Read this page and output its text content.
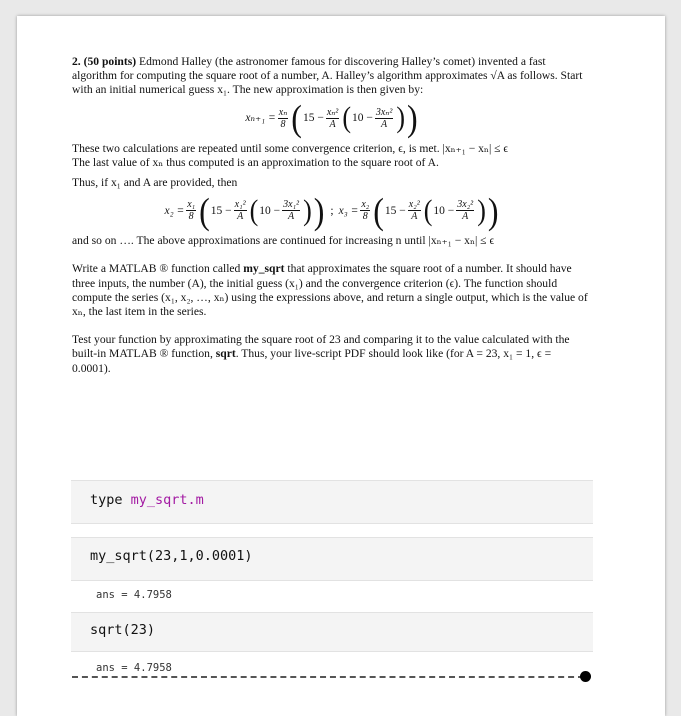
2. (50 points) Edmond Halley (the astronomer famous for discovering Halley’s comet) invented a fast algorithm for computing the square root of a number, A. Halley’s algorithm approximates √A as follows. Start with an initial numerical guess x₁. The new approximation is then given by:

$x_{n+1} = \frac{\text{xₙ}}{8}$ ( $15 - \frac{\text{xₙ²}}{A}$ ( $10 - \frac{\text{3xₙ²}}{A}$ ) )

These two calculations are repeated until some convergence criterion, ϵ, is met. |xₙ₊₁ − xₙ| ≤ ϵ
The last value of xₙ thus computed is an approximation to the square root of A.

Thus, if x₁ and A are provided, then

$x_2 = \frac{\text{x₁}}{8}$ ( $15 - \frac{\text{x₁²}}{A}$ ( $10 - \frac{\text{3x₁²}}{A}$ ) ) ; $x_3 = \frac{\text{x₂}}{8}$ ( $15 - \frac{\text{x₂²}}{A}$ ( $10 - \frac{\text{3x₂²}}{A}$ ) )

and so on …. The above approximations are continued for increasing n until |xₙ₊₁ − xₙ| ≤ ϵ

Write a MATLAB ® function called my_sqrt that approximates the square root of a number. It should have three inputs, the number (A), the initial guess (x₁) and the convergence criterion (ϵ). The function should compute the series (x₁, x₂, …, xₙ) using the expressions above, and return a single output, which is the value of xₙ, the last item in the series.

Test your function by approximating the square root of 23 and comparing it to the value calculated with the built-in MATLAB ® function, sqrt. Thus, your live-script PDF should look like (for A = 23, x₁ = 1, ϵ = 0.0001).

type my_sqrt.m
my_sqrt(23,1,0.0001)
ans = 4.7958
sqrt(23)
ans = 4.7958
